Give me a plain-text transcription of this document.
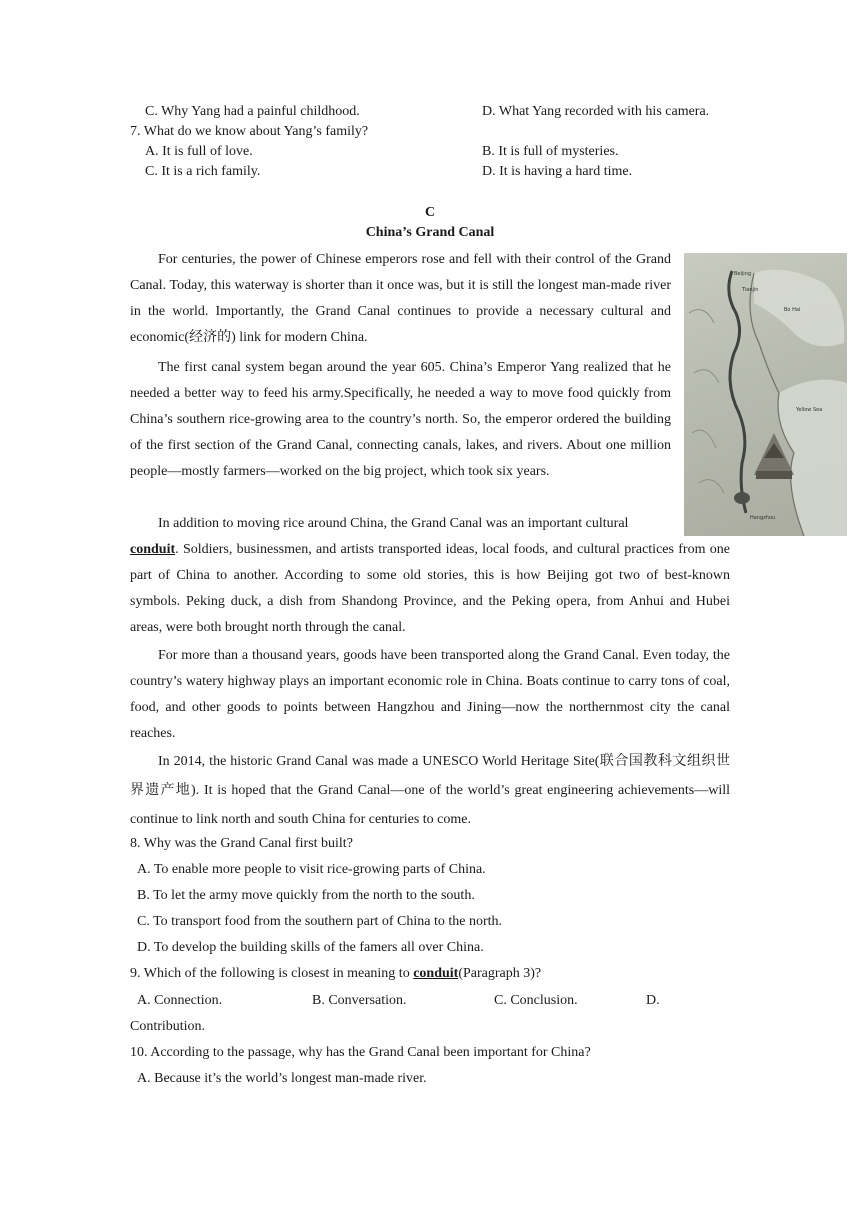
C. Why Yang had a painful childhood.	D. What Yang recorded with his camera.
7. What do we know about Yang’s family?
A. It is full of love.	B. It is full of mysteries.
C. It is a rich family.	D. It is having a hard time.
C
China’s Grand Canal
Beijing
Tianjin
Bo Hai
Yellow Sea
Hangzhou

For centuries, the power of Chinese emperors rose and fell with their control of the Grand Canal. Today, this waterway is shorter than it once was, but it is still the longest man-made river in the world. Importantly, the Grand Canal continues to provide a necessary cultural and economic(经济的) link for modern China.

The first canal system began around the year 605. China’s Emperor Yang realized that he needed a better way to feed his army.Specifically, he needed a way to move food quickly from China’s southern rice-growing area to the country’s north. So, the emperor ordered the building of the first section of the Grand Canal, connecting canals, lakes, and rivers. About one million people—mostly farmers—worked on the big project, which took six years.

In addition to moving rice around China, the Grand Canal was an important cultural

conduit. Soldiers, businessmen, and artists transported ideas, local foods, and cultural practices from one part of China to another. According to some old stories, this is how Beijing got two of best-known symbols. Peking duck, a dish from Shandong Province, and the Peking opera, from Anhui and Hubei areas, were both brought north through the canal.

For more than a thousand years, goods have been transported along the Grand Canal. Even today, the country’s watery highway plays an important economic role in China. Boats continue to carry tons of coal, food, and other goods to points between Hangzhou and Jining—now the northernmost city the canal reaches.

In 2014, the historic Grand Canal was made a UNESCO World Heritage Site(联合国教科文组织世界遗产地). It is hoped that the Grand Canal—one of the world’s great engineering achievements—will continue to link north and south China for centuries to come.

8. Why was the Grand Canal first built?
A. To enable more people to visit rice-growing parts of China.
B. To let the army move quickly from the north to the south.
C. To transport food from the southern part of China to the north.
D. To develop the building skills of the famers all over China.
9. Which of the following is closest in meaning to conduit(Paragraph 3)?
A. Connection.	B. Conversation.	C. Conclusion.	D.
Contribution.
10. According to the passage, why has the Grand Canal been important for China?
A. Because it’s the world’s longest man-made river.
